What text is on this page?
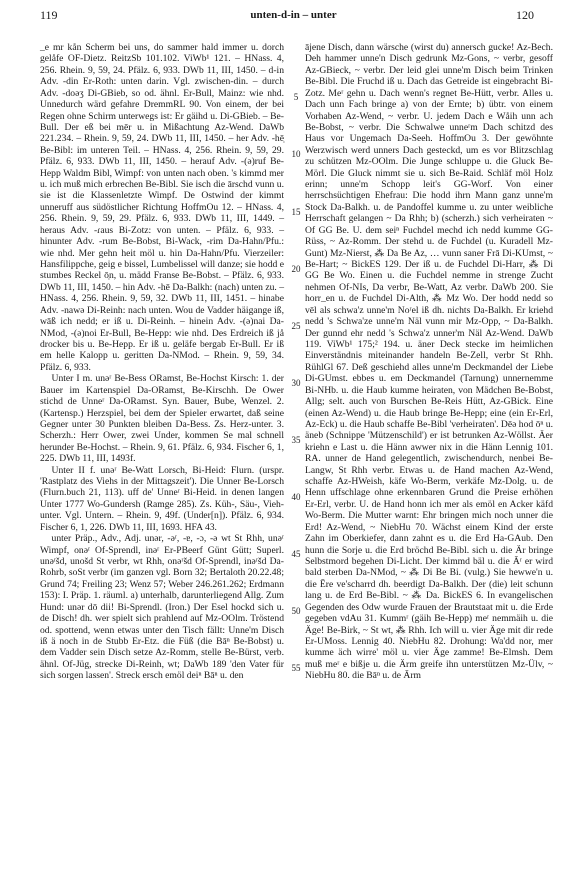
119	unten-d-in – unter	120

_e mr kån Scherm bei uns, do sammer hald immer u. dorch gelåfe OF-Dietz. ReitzSb 101.102. ViWb¹ 121. – HNass. 4, 256. Rhein. 9, 59, 24. Pfälz. 6, 933. DWb 11, III, 1450. – d-in Adv. -din Er-Roth: unten darin. Vgl. zwischen-din. – durch Adv. -doəʒ Di-GBieb, so od. ähnl. Er-Bull, Mainz: wie nhd. Unnedurch wärd gefahre DremmRL 90. Von einem, der bei Regen ohne Schirm unterwegs ist: Er gäihd u. Di-GBieb. – Be-Bull. Der eß bei mēr u. in Mißachtung Az-Wend. DaWb 221.234. – Rhein. 9, 59, 24. DWb 11, III, 1450. – her Adv. -hē̜ Be-Bibl: im unteren Teil. – HNass. 4, 256. Rhein. 9, 59, 29. Pfälz. 6, 933. DWb 11, III, 1450. – herauf Adv. -(ə)ruf Be-Hepp Waldm Bibl, Wimpf: von unten nach oben. 's kimmd mer u. ich muß mich erbrechen Be-Bibl. Sie isch die ārschd vunn u. sie ist die Klassenletzte Wimpf. De Ostwind der kimmt unneruff aus südöstlicher Richtung HoffmOu 12. – HNass. 4, 256. Rhein. 9, 59, 29. Pfälz. 6, 933. DWb 11, III, 1449. – heraus Adv. -ɾaus Bi-Zotz: von unten. – Pfälz. 6, 933. – hinunter Adv. -rum Be-Bobst, Bi-Wack, -rim Da-Hahn/Pfu.: wie nhd. Mer gehn heit möl u. hin Da-Hahn/Pfu. Vierzeiler: Hansfilippche, geig e bissel, Lumbelissel will danze; sie hodd e stumbes Reckel ō̜n, u. mädd Franse Be-Bobst. – Pfälz. 6, 933. DWb 11, III, 1450. – hin Adv. -hē Da-Balkh: (nach) unten zu. – HNass. 4, 256. Rhein. 9, 59, 32. DWb 11, III, 1451. – hinabe Adv. -nawə Di-Reinh: nach unten. Wou de Vadder häigange iß, wāß ich nedd; er iß u. Di-Reinh. – hinein Adv. -(ə)nai Da-NMod, -(ə)noi Er-Bull, Be-Hepp: wie nhd. Des Erdreich iß jå drocker bis u. Be-Hepp. Er iß u. geläfe bergab Er-Bull. Er iß em helle Kalopp u. geritten Da-NMod. – Rhein. 9, 59, 34. Pfälz. 6, 933.

Unter I m. unəʳ Be-Bess ORamst, Be-Hochst Kirsch: 1. der Bauer im Kartenspiel Da-ORamst, Be-Kirschh. De Ower stichd de Unneʳ Da-ORamst. Syn. Bauer, Bube, Wenzel. 2. (Kartensp.) Herzspiel, bei dem der Spieler erwartet, daß seine Gegner unter 30 Punkten bleiben Da-Bess. Zs. Herz-unter. 3. Scherzh.: Herr Ower, zwei Under, kommen Se mal schnell herunder Be-Hochst. – Rhein. 9, 61. Pfälz. 6, 934. Fischer 6, 1, 225. DWb 11, III, 1493f.

Unter II f. unəʳ Be-Watt Lorsch, Bi-Heid: Flurn. (urspr. 'Rastplatz des Viehs in der Mittagszeit'). Die Unner Be-Lorsch (Flurn.buch 21, 113). uff de' Unneʳ Bi-Heid. in denen langen Unter 1777 Wo-Gundersh (Ramge 285). Zs. Küh-, Säu-, Vieh-unter. Vgl. Untern. – Rhein. 9, 49f. (Under[n]). Pfälz. 6, 934. Fischer 6, 1, 226. DWb 11, III, 1693. HFA 43.

unter Präp., Adv., Adj. unər, -əʳ, -ɐ, -ɔ, -ə wt St Rhh, unəʳ Wimpf, onəʳ Of-Sprendl, inəʳ Er-PBeerf Günt Gütt; Superl. unəʳšd, unošd St verbr, wt Rhh, onəʳšd Of-Sprendl, inəʳšd Da-Rohrb, soSt verbr (im ganzen vgl. Born 32; Bertaloth 20.22.48; Grund 74; Freiling 23; Wenz 57; Weber 246.261.262; Erdmann 153): I. Präp. 1. räuml. a) unterhalb, darunterliegend Allg. Zum Hund: unər dō dii! Bi-Sprendl. (Iron.) Der Esel hockd sich u. de Disch! dh. wer spielt sich prahlend auf Mz-OOlm. Tröstend od. spottend, wenn etwas unter den Tisch fällt: Unne'm Disch iß ä noch in de Stubb Er-Etz. die Füß (die Bāⁿ Be-Bobst) u. dem Vadder sein Disch setze Az-Romm, stelle Be-Bürst, verb. ähnl. Of-Jüg, strecke Di-Reinh, wt; DaWb 189 'den Vater für sich sorgen lassen'. Streck ersch emöl deiⁿ Bāⁿ u. den

ājene Disch, dann wärsche (wirst du) annersch gucke! Az-Bech. Deh hammer unne'n Disch gedrunk Mz-Gons, ~ verbr, gesoff Az-GBieck, ~ verbr. Der leid glei unne'm Disch beim Trinken Be-Bibl. Die Fruchd iß u. Dach das Getreide ist eingebracht Bi-Zotz. Meʳ gehn u. Dach wenn's regnet Be-Hütt, verbr. Alles u. Dach unn Fach bringe a) von der Ernte; b) übtr. von einem Vorhaben Az-Wend, ~ verbr. U. jedem Dach e Wåih unn ach Be-Bobst, ~ verbr. Die Schwalwe unneʳm Dach schitzd des Haus vor Ungemach Da-Seeh. HoffmOu 3. Der gewöhnte Werzwisch werd unners Dach gesteckd, um es vor Blitzschlag zu schützen Mz-OOlm. Die Junge schluppe u. die Gluck Be-Mörl. Die Gluck nimmt sie u. sich Be-Raid. Schläf möl Holz erinn; unne'm Schopp leit's GG-Worf. Von einer herrschsüchtigen Ehefrau: Die hodd ihrn Mann ganz unne'm Stock Da-Balkh. u. de Pandoffel kumme u. zu unter weibliche Herrschaft gelangen ~ Da Rhh; b) (scherzh.) sich verheiraten ~ Of GG Be. U. dem seiⁿ Fuchdel mechd ich nedd kumme GG-Rüss, ~ Az-Romm. Der stehd u. de Fuchdel (u. Kuradell Mz-Gunt) Mz-Nierst, ⁂ Da Be Az, … vunn saner Frā Di-KUmst, ~ Be-Hart; ~ BickES 129. Der iß u. de Fuchdel Di-Harr, ⁂ Di GG Be Wo. Einen u. die Fuchdel nemme in strenge Zucht nehmen Of-NIs, Da verbr, Be-Watt, Az verbr. DaWb 200. Sie horr_en u. de Fuchdel Di-Alth, ⁂ Mz Wo. Der hodd nedd so vēl als schwa'z unne'm Noʳel iß dh. nichts Da-Balkh. Er kriehd nedd 's Schwa'ze unne'm Näl vunn mir Mz-Opp, ~ Da-Balkh. Der gunnd ehr nedd 's Schwa'z unner'm Näl Az-Wend. DaWb 119. ViWb¹ 175;² 194. u. äner Deck stecke im heimlichen Einverständnis miteinander handeln Be-Zell, verbr St Rhh. RühlGl 67. Deß geschiehd alles unne'm Deckmandel der Liebe Di-GUmst. ebbes u. em Deckmandel (Tarnung) unnernemme Bi-NHb. u. die Haub kumme heiraten, von Mädchen Be-Bobst, Allg; selt. auch von Burschen Be-Reis Hütt, Az-GBick. Eine (einen Az-Wend) u. die Haub bringe Be-Hepp; eine (ein Er-Erl, Az-Eck) u. die Haub schaffe Be-Bibl 'verheiraten'. Dēə hod ōⁿ u. äneb (Schnippe 'Mützenschild') er ist betrunken Az-Wöllst. Äer kriehn e Last u. die Hänn awwer nix in die Hänn Lennig 101. RA. unner de Hand gelegentlich, zwischendurch, nenbei Be-Langw, St Rhh verbr. Etwas u. de Hand machen Az-Wend, schaffe Az-HWeish, käfe Wo-Berm, verkäfe Mz-Dolg. u. de Henn uffschlage ohne erkennbaren Grund die Preise erhöhen Er-Erl, verbr. U. de Hand honn ich mer als emöl en Acker käfd Wo-Berm. Die Mutter warnt: Ehr bringen mich noch unner die Erd! Az-Wend, ~ NiebHu 70. Wächst einem Kind der erste Zahn im Oberkiefer, dann zahnt es u. die Erd Ha-GAub. Den hunn die Sorje u. die Erd bröchd Be-Bibl. sich u. die Är bringe Selbstmord begehen Di-Licht. Der kimmd bäl u. die Āʳ er wird bald sterben Da-NMod, ~ ⁂ Di Be Bi. (vulg.) Sie hewwe'n u. die Ēre ve'scharrd dh. beerdigt Da-Balkh. Der (die) leit schunn lang u. de Erd Be-Bibl. ~ ⁂ Da. BickES 6. In evangelischen Gegenden des Odw wurde Frauen der Brautstaat mit u. die Erde gegeben vdAu 31. Kummʳ (gäih Be-Hepp) meʳ nemmäih u. die Äge! Be-Birk, ~ St wt, ⁂ Rhh. Ich will u. vier Äge mit dir rede Er-UMoss. Lennig 40. NiebHu 82. Drohung: Wa'dd nor, mer kumme äch wirre' möl u. vier Äge zamme! Be-Elmsh. Dem muß meʳ e bißje u. die Ärm greife ihn unterstützen Mz-Ülv, ~ NiebHu 80. die Bāⁿ u. de Ārm

5
10
15
20
25
30
35
40
45
50
55
